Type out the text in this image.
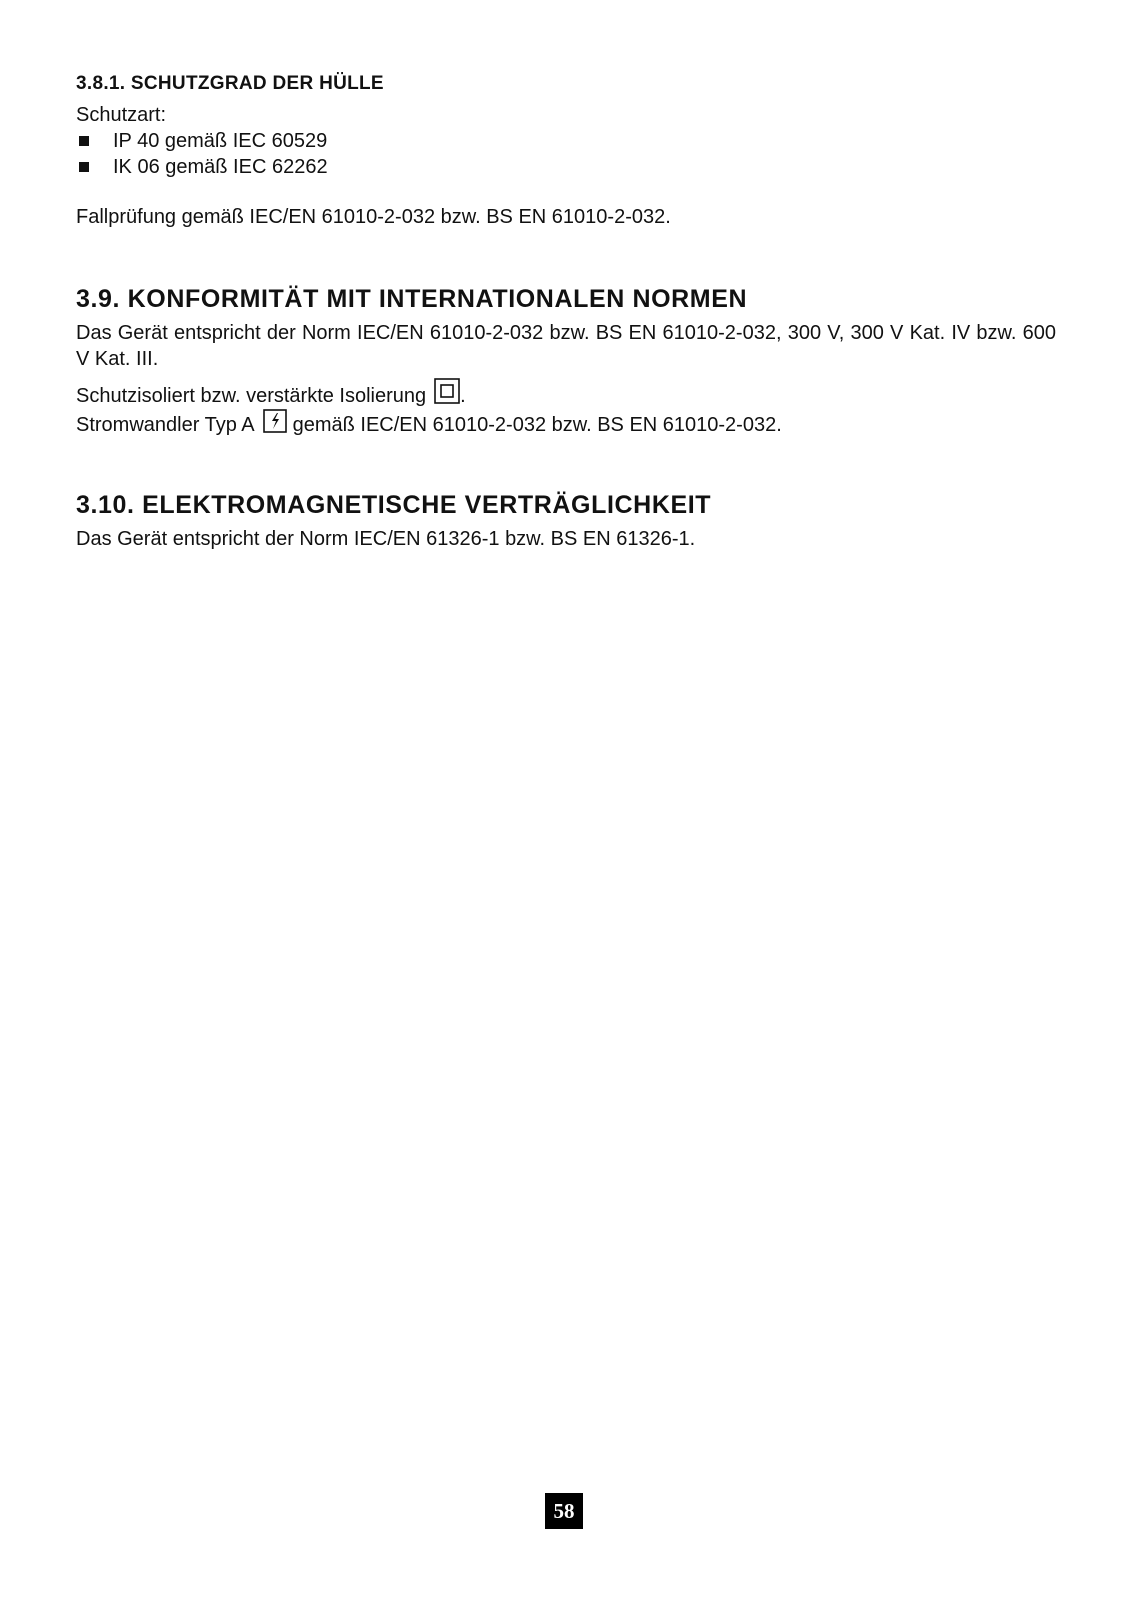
3.8.1. SCHUTZGRAD DER HÜLLE

Schutzart:

IP 40 gemäß IEC 60529
IK 06 gemäß IEC 62262

Fallprüfung gemäß IEC/EN 61010-2-032 bzw. BS EN 61010-2-032.

3.9. KONFORMITÄT MIT INTERNATIONALEN NORMEN

Das Gerät entspricht der Norm IEC/EN 61010-2-032 bzw. BS EN 61010-2-032, 300 V, 300 V Kat. IV bzw. 600 V Kat. III.

Schutzisoliert bzw. verstärkte Isolierung .

Stromwandler Typ A gemäß IEC/EN 61010-2-032 bzw. BS EN 61010-2-032.

3.10. ELEKTROMAGNETISCHE VERTRÄGLICHKEIT

Das Gerät entspricht der Norm IEC/EN 61326-1 bzw. BS EN 61326-1.

58
